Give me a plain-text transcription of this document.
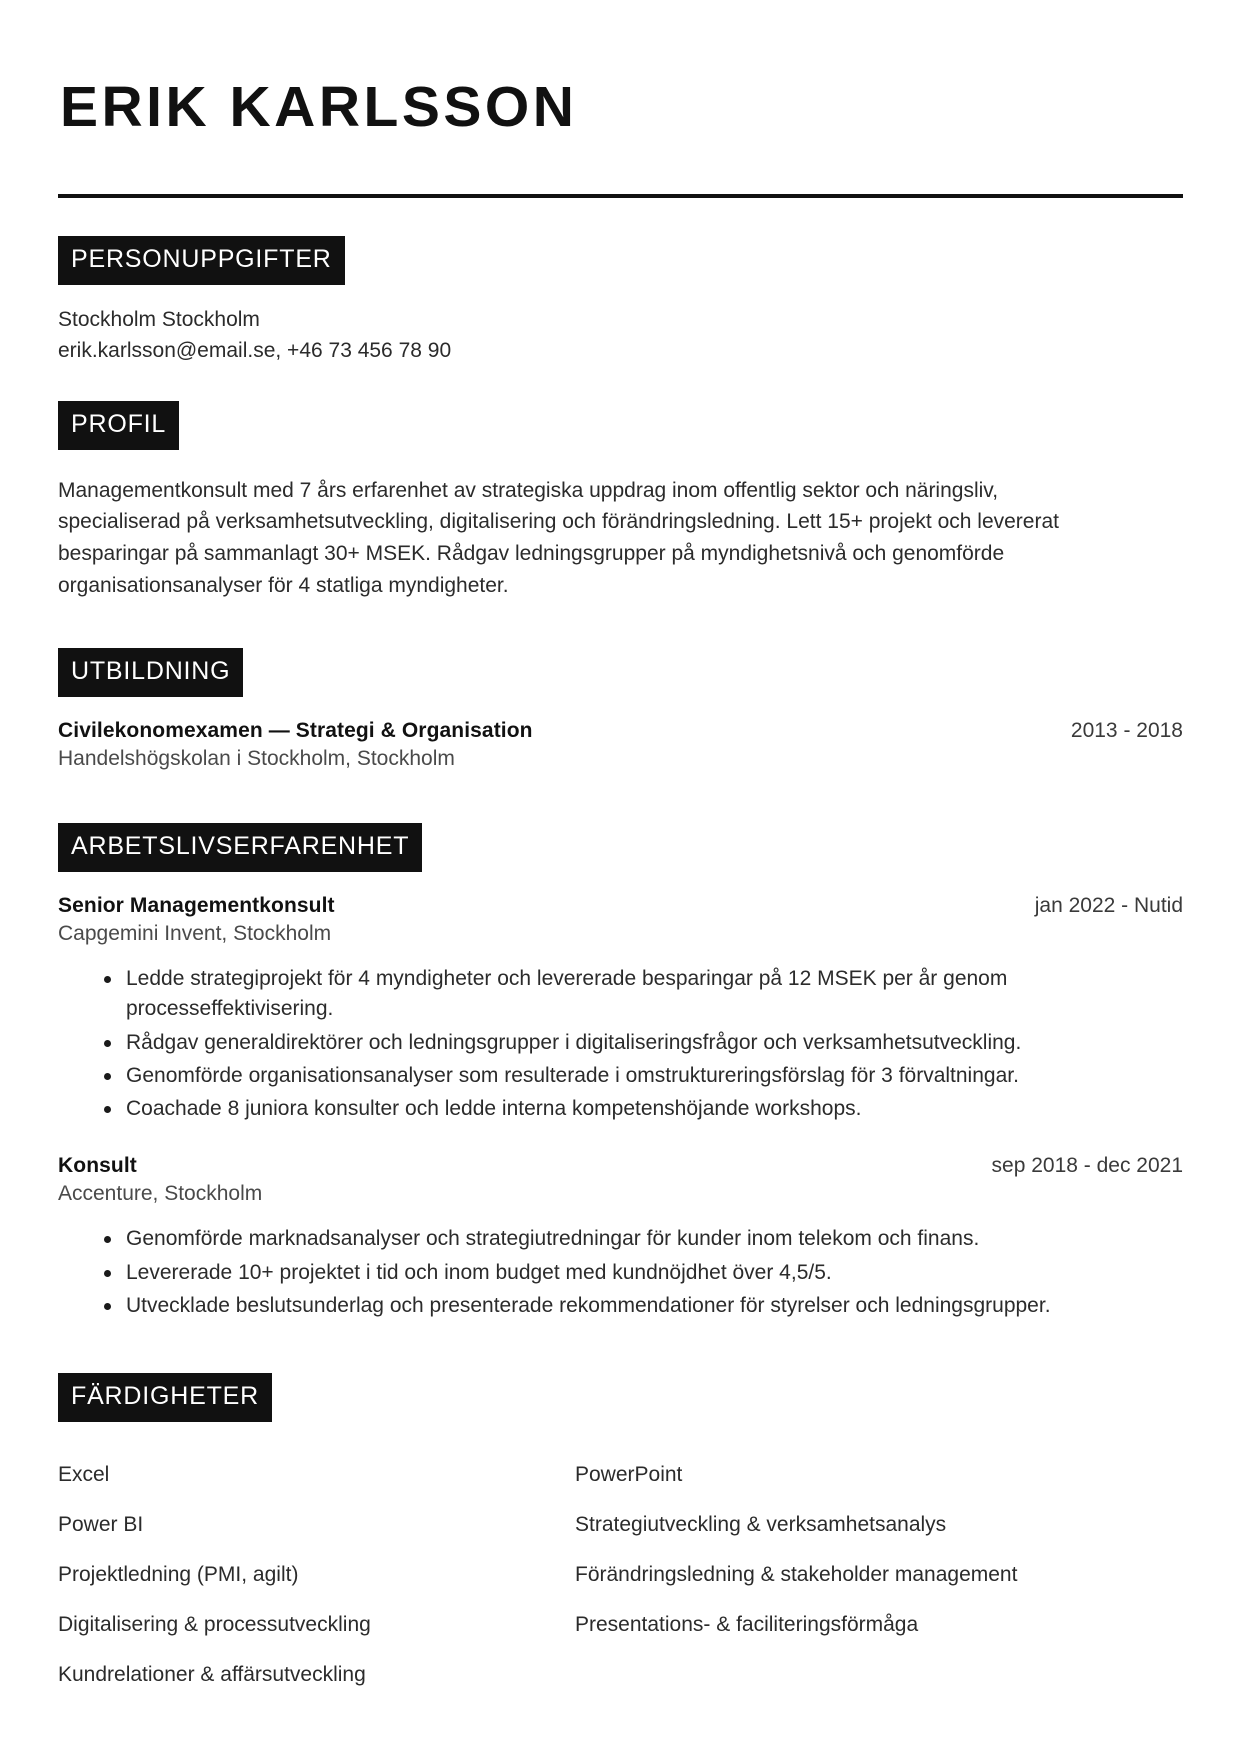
ERIK KARLSSON
PERSONUPPGIFTER
Stockholm Stockholm
erik.karlsson@email.se, +46 73 456 78 90
PROFIL

Managementkonsult med 7 års erfarenhet av strategiska uppdrag inom offentlig sektor och näringsliv, specialiserad på verksamhetsutveckling, digitalisering och förändringsledning. Lett 15+ projekt och levererat besparingar på sammanlagt 30+ MSEK. Rådgav ledningsgrupper på myndighetsnivå och genomförde organisationsanalyser för 4 statliga myndigheter.

UTBILDNING
Civilekonomexamen — Strategi & Organisation	2013 - 2018
Handelshögskolan i Stockholm, Stockholm
ARBETSLIVSERFARENHET
Senior Managementkonsult	jan 2022 - Nutid
Capgemini Invent, Stockholm
Ledde strategiprojekt för 4 myndigheter och levererade besparingar på 12 MSEK per år genom processeffektivisering.
Rådgav generaldirektörer och ledningsgrupper i digitaliseringsfrågor och verksamhetsutveckling.
Genomförde organisationsanalyser som resulterade i omstruktureringsförslag för 3 förvaltningar.
Coachade 8 juniora konsulter och ledde interna kompetenshöjande workshops.
Konsult	sep 2018 - dec 2021
Accenture, Stockholm
Genomförde marknadsanalyser och strategiutredningar för kunder inom telekom och finans.
Levererade 10+ projektet i tid och inom budget med kundnöjdhet över 4,5/5.
Utvecklade beslutsunderlag och presenterade rekommendationer för styrelser och ledningsgrupper.
FÄRDIGHETER
Excel	PowerPoint
Power BI	Strategiutveckling & verksamhetsanalys
Projektledning (PMI, agilt)	Förändringsledning & stakeholder management
Digitalisering & processutveckling	Presentations- & faciliteringsförmåga
Kundrelationer & affärsutveckling
